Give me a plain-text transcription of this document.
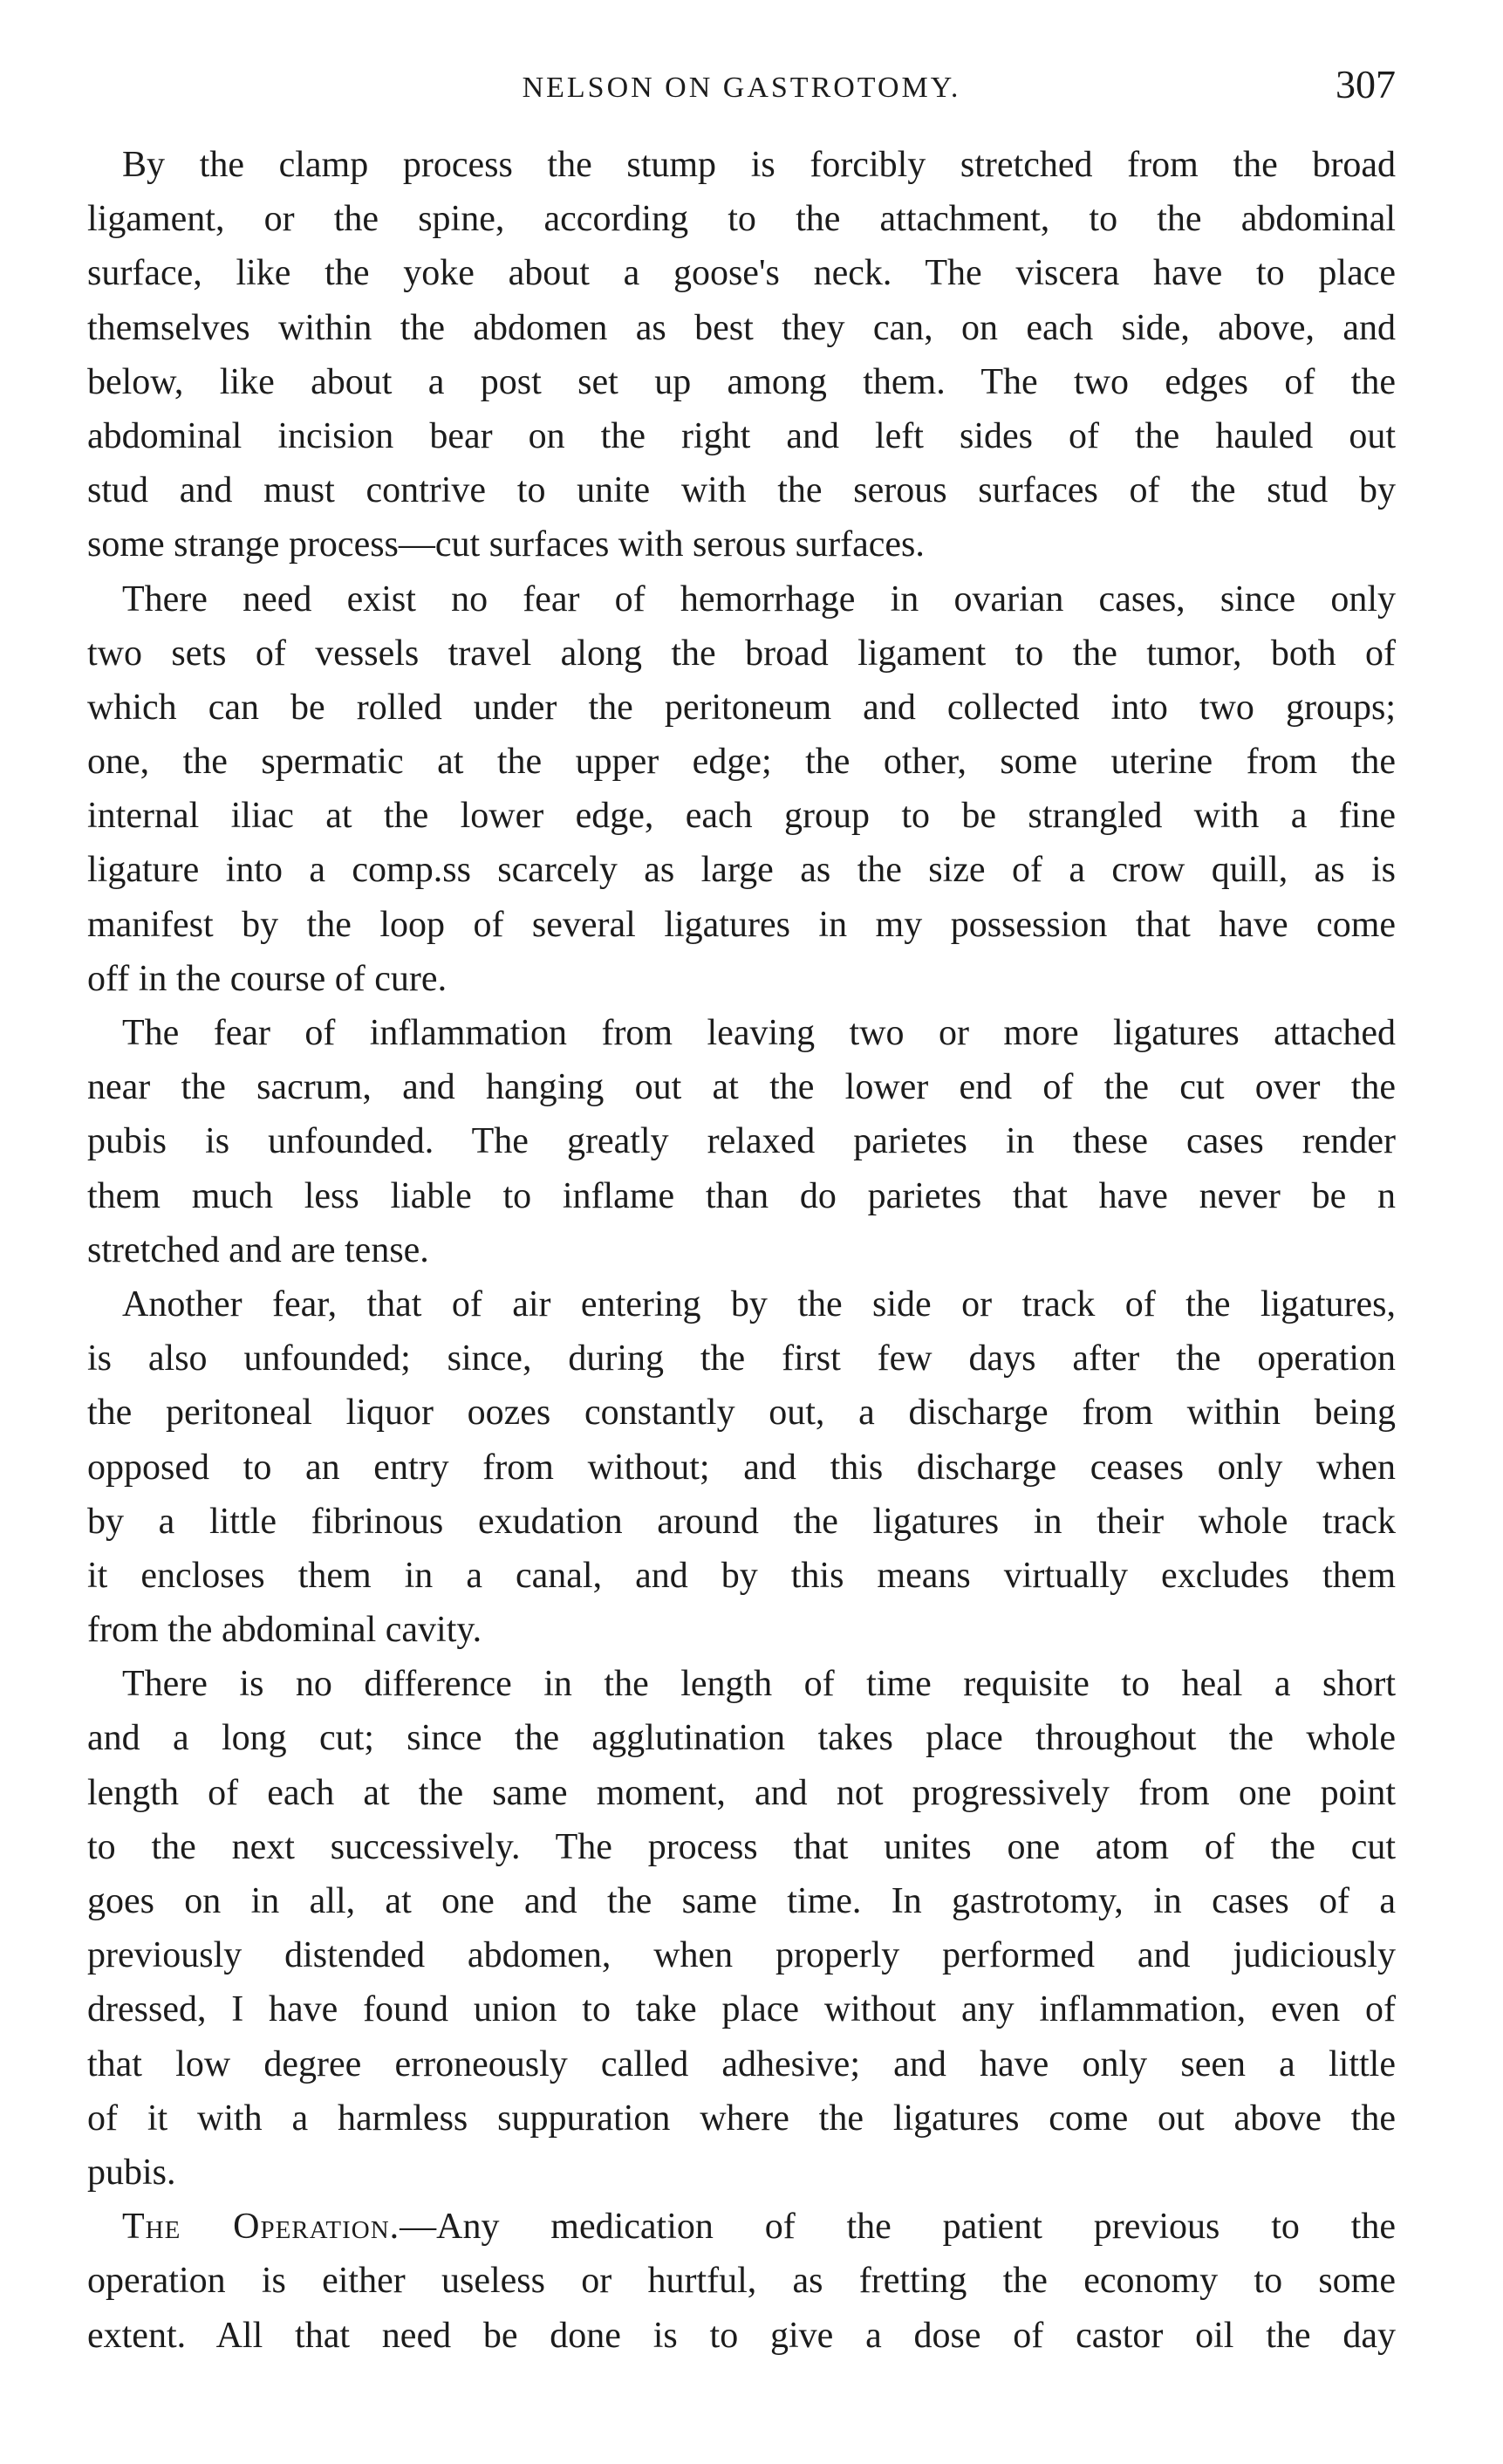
NELSON ON GASTROTOMY.	307
By the clamp process the stump is forcibly stretched from the broad
ligament, or the spine, according to the attachment, to the abdominal
surface, like the yoke about a goose's neck. The viscera have to place
themselves within the abdomen as best they can, on each side, above, and
below, like about a post set up among them. The two edges of the
abdominal incision bear on the right and left sides of the hauled out
stud and must contrive to unite with the serous surfaces of the stud by
some strange process—cut surfaces with serous surfaces.
There need exist no fear of hemorrhage in ovarian cases, since only
two sets of vessels travel along the broad ligament to the tumor, both of
which can be rolled under the peritoneum and collected into two groups;
one, the spermatic at the upper edge; the other, some uterine from the
internal iliac at the lower edge, each group to be strangled with a fine
ligature into a comp.ss scarcely as large as the size of a crow quill, as is
manifest by the loop of several ligatures in my possession that have come
off in the course of cure.
The fear of inflammation from leaving two or more ligatures attached
near the sacrum, and hanging out at the lower end of the cut over the
pubis is unfounded. The greatly relaxed parietes in these cases render
them much less liable to inflame than do parietes that have never be n
stretched and are tense.
Another fear, that of air entering by the side or track of the ligatures,
is also unfounded; since, during the first few days after the operation
the peritoneal liquor oozes constantly out, a discharge from within being
opposed to an entry from without; and this discharge ceases only when
by a little fibrinous exudation around the ligatures in their whole track
it encloses them in a canal, and by this means virtually excludes them
from the abdominal cavity.
There is no difference in the length of time requisite to heal a short
and a long cut; since the agglutination takes place throughout the whole
length of each at the same moment, and not progressively from one point
to the next successively. The process that unites one atom of the cut
goes on in all, at one and the same time. In gastrotomy, in cases of a
previously distended abdomen, when properly performed and judiciously
dressed, I have found union to take place without any inflammation, even of
that low degree erroneously called adhesive; and have only seen a little
of it with a harmless suppuration where the ligatures come out above the
pubis.
The Operation.—Any medication of the patient previous to the
operation is either useless or hurtful, as fretting the economy to some
extent. All that need be done is to give a dose of castor oil the day
